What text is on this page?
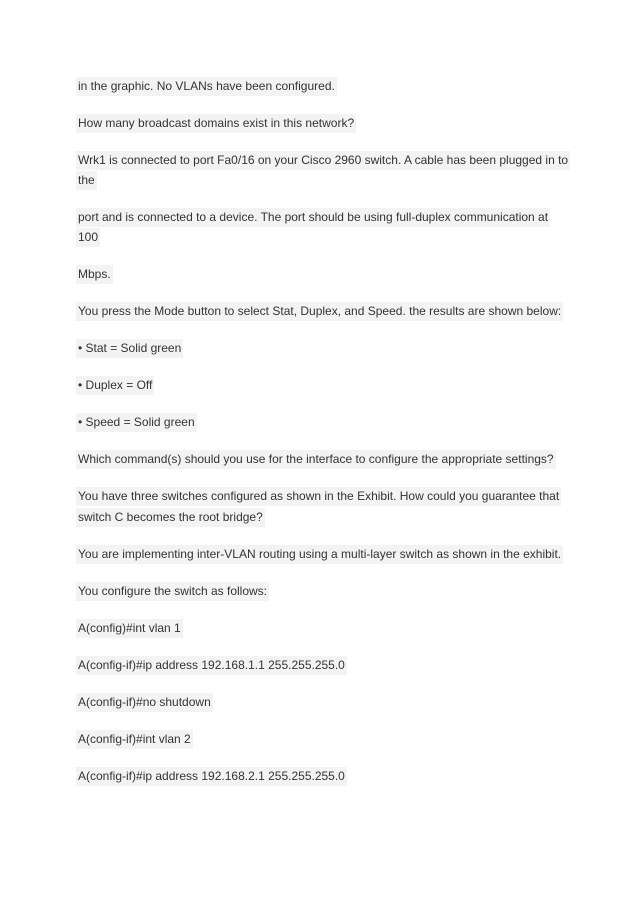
in the graphic. No VLANs have been configured.
How many broadcast domains exist in this network?
Wrk1 is connected to port Fa0/16 on your Cisco 2960 switch. A cable has been plugged in to
the
port and is connected to a device. The port should be using full-duplex communication at
100
Mbps.
You press the Mode button to select Stat, Duplex, and Speed. the results are shown below:
• Stat = Solid green
• Duplex = Off
• Speed = Solid green
Which command(s) should you use for the interface to configure the appropriate settings?
You have three switches configured as shown in the Exhibit. How could you guarantee that
switch C becomes the root bridge?
You are implementing inter-VLAN routing using a multi-layer switch as shown in the exhibit.
You configure the switch as follows:
A(config)#int vlan 1
A(config-if)#ip address 192.168.1.1 255.255.255.0
A(config-if)#no shutdown
A(config-if)#int vlan 2
A(config-if)#ip address 192.168.2.1 255.255.255.0
